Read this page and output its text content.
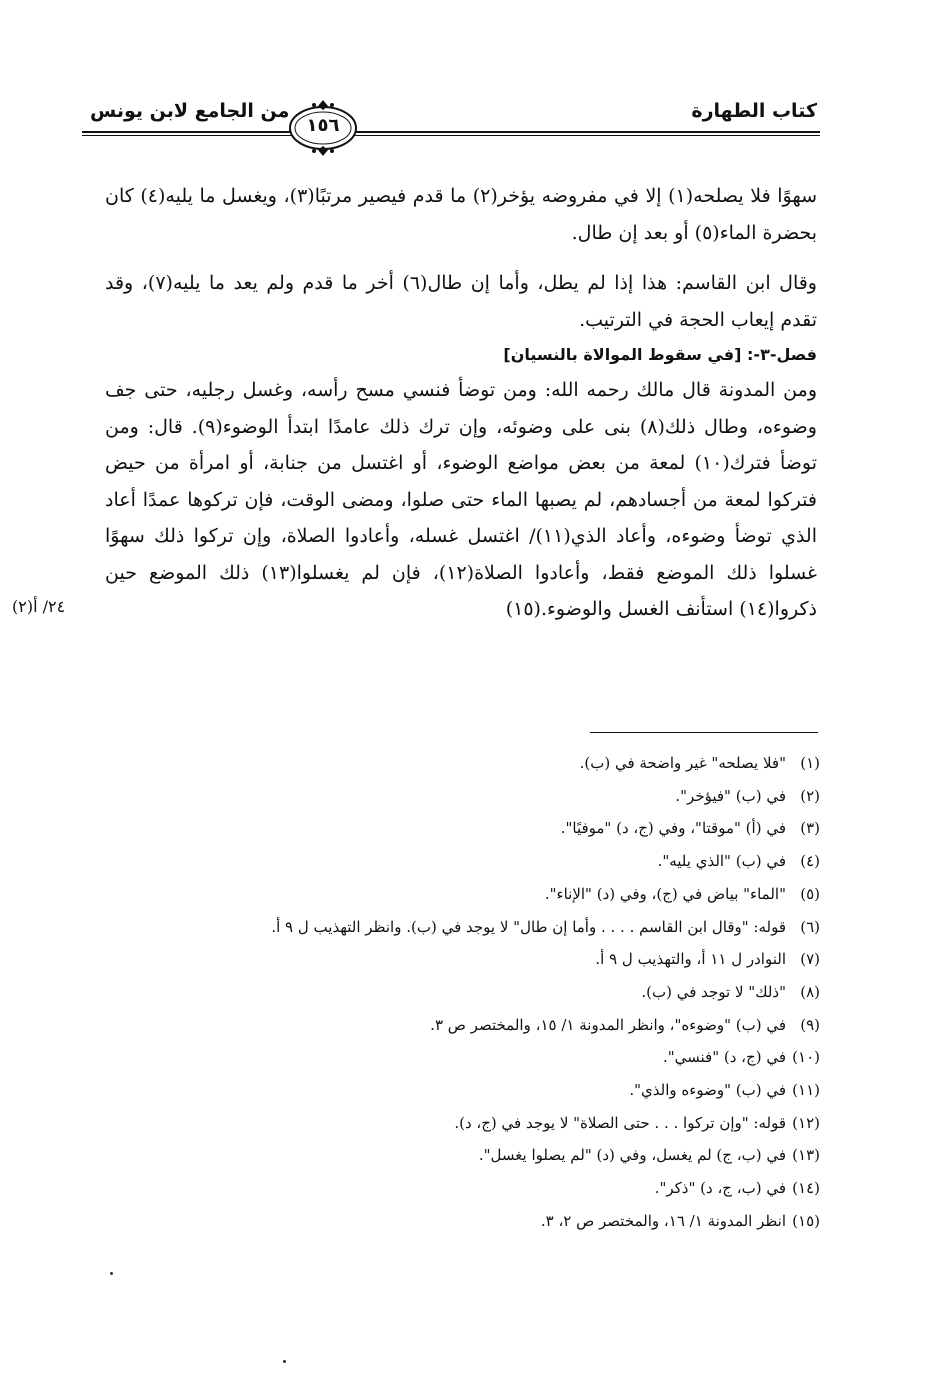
كتاب الطهارة
من الجامع لابن يونس
١٥٦

سهوًا فلا يصلحه(١) إلا في مفروضه يؤخر(٢) ما قدم فيصير مرتبًا(٣)، ويغسل ما يليه(٤) كان بحضرة الماء(٥) أو بعد إن طال.

وقال ابن القاسم: هذا إذا لم يطل، وأما إن طال(٦) أخر ما قدم ولم يعد ما يليه(٧)، وقد تقدم إيعاب الحجة في الترتيب.

فصل-٣-: [في سقوط الموالاة بالنسيان]

ومن المدونة قال مالك رحمه الله: ومن توضأ فنسي مسح رأسه، وغسل رجليه، حتى جف وضوءه، وطال ذلك(٨) بنى على وضوئه، وإن ترك ذلك عامدًا ابتدأ الوضوء(٩). قال: ومن توضأ فترك(١٠) لمعة من بعض مواضع الوضوء، أو اغتسل من جنابة، أو امرأة من حيض فتركوا لمعة من أجسادهم، لم يصبها الماء حتى صلوا، ومضى الوقت، فإن تركوها عمدًا أعاد الذي توضأ وضوءه، وأعاد الذي(١١)/ اغتسل غسله، وأعادوا الصلاة، وإن تركوا ذلك سهوًا غسلوا ذلك الموضع فقط، وأعادوا الصلاة(١٢)، فإن لم يغسلوا(١٣) ذلك الموضع حين ذكروا(١٤) استأنف الغسل والوضوء.(١٥)

٢٤/ أ(٢)
(١)"فلا يصلحه" غير واضحة في (ب).
(٢)في (ب) "فيؤخر".
(٣)في (أ) "موقتا"، وفي (ج، د) "موفيًا".
(٤)في (ب) "الذي يليه".
(٥)"الماء" بياض في (ج)، وفي (د) "الإناء".
(٦)قوله: "وقال ابن القاسم . . . . وأما إن طال" لا يوجد في (ب). وانظر التهذيب ل ٩ أ.
(٧)النوادر ل ١١ أ، والتهذيب ل ٩ أ.
(٨)"ذلك" لا توجد في (ب).
(٩)في (ب) "وضوءه"، وانظر المدونة ١/ ١٥، والمختصر ص ٣.
(١٠)في (ج، د) "فنسي".
(١١)في (ب) "وضوءه والذي".
(١٢)قوله: "وإن تركوا . . . حتى الصلاة" لا يوجد في (ج، د).
(١٣)في (ب، ج) لم يغسل، وفي (د) "لم يصلوا يغسل".
(١٤)في (ب، ج، د) "ذكر".
(١٥)انظر المدونة ١/ ١٦، والمختصر ص ٢، ٣.
